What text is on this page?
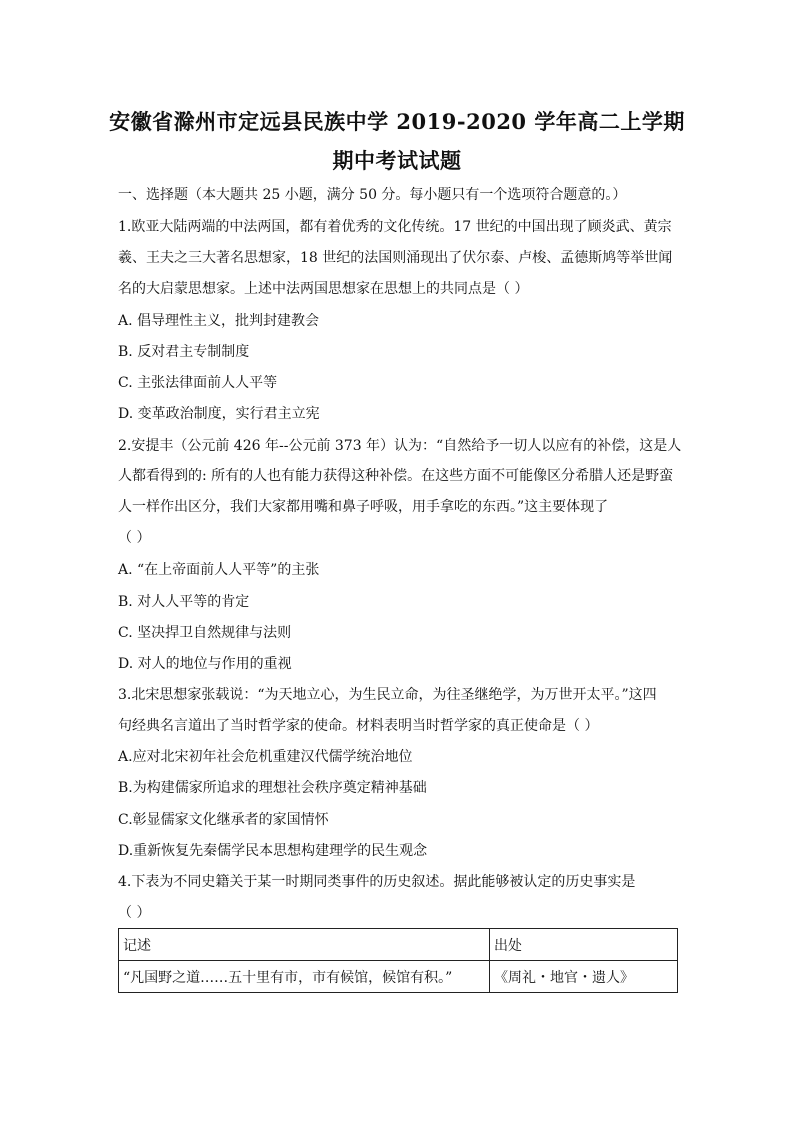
安徽省滁州市定远县民族中学 2019-2020 学年高二上学期
期中考试试题
一、选择题（本大题共 25 小题，满分 50 分。每小题只有一个选项符合题意的。）
1.欧亚大陆两端的中法两国，都有着优秀的文化传统。17 世纪的中国出现了顾炎武、黄宗
羲、王夫之三大著名思想家，18 世纪的法国则涌现出了伏尔泰、卢梭、孟德斯鸠等举世闻
名的大启蒙思想家。上述中法两国思想家在思想上的共同点是（ ）
A. 倡导理性主义，批判封建教会
B. 反对君主专制制度
C. 主张法律面前人人平等
D. 变革政治制度，实行君主立宪
2.安提丰（公元前 426 年--公元前 373 年）认为：“自然给予一切人以应有的补偿，这是人
人都看得到的: 所有的人也有能力获得这种补偿。在这些方面不可能像区分希腊人还是野蛮
人一样作出区分，我们大家都用嘴和鼻子呼吸，用手拿吃的东西。”这主要体现了
（ ）
A. “在上帝面前人人平等”的主张
B. 对人人平等的肯定
C. 坚决捍卫自然规律与法则
D. 对人的地位与作用的重视
3.北宋思想家张载说：“为天地立心，为生民立命，为往圣继绝学，为万世开太平。”这四
句经典名言道出了当时哲学家的使命。材料表明当时哲学家的真正使命是（ ）
A.应对北宋初年社会危机重建汉代儒学统治地位
B.为构建儒家所追求的理想社会秩序奠定精神基础
C.彰显儒家文化继承者的家国情怀
D.重新恢复先秦儒学民本思想构建理学的民生观念
4.下表为不同史籍关于某一时期同类事件的历史叙述。据此能够被认定的历史事实是
（ ）
记述	出处
“凡国野之道……五十里有市，市有候馆，候馆有积。”	《周礼・地官・遗人》
